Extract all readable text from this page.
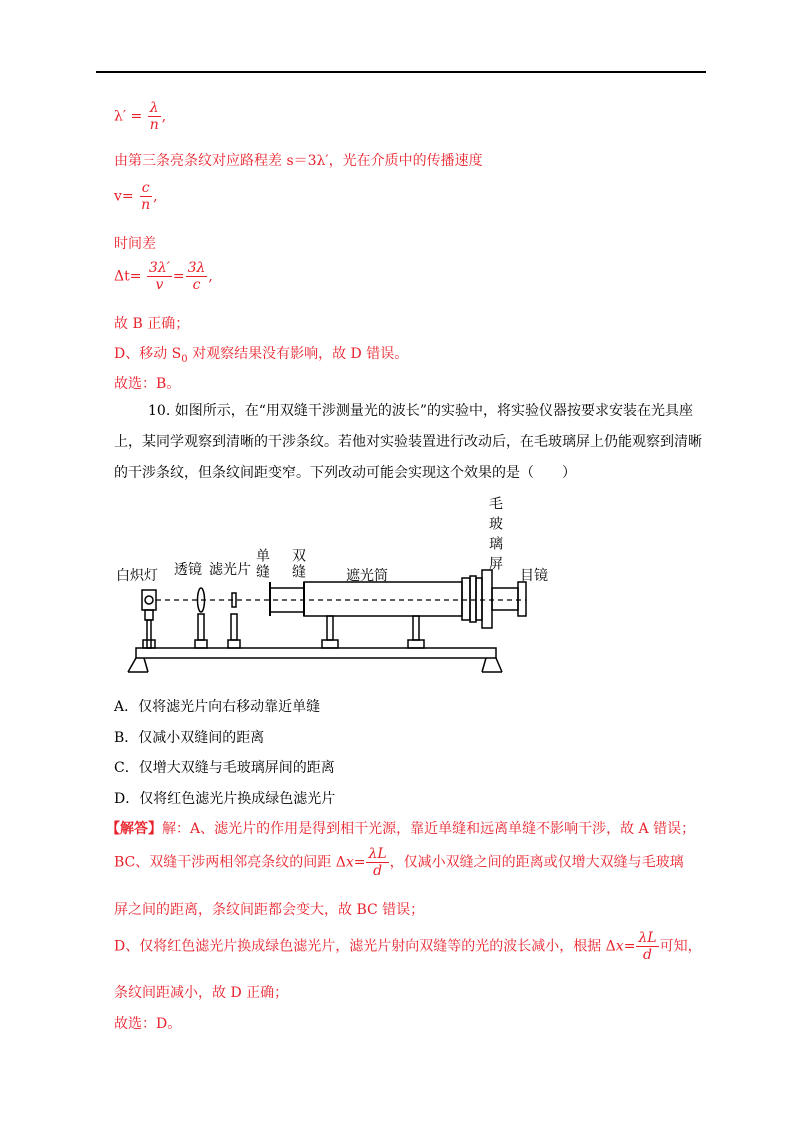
$\lambda' = \frac{\lambda}{n}$ ,
由第三条亮条纹对应路程差 s＝3λ′，光在介质中的传播速度
$v= \frac{c}{n}$ ,
时间差
$\Delta t= \frac{3\lambda'}{v} = \frac{3\lambda}{c}$ ,
故 B 正确；
D、移动 $S_0$ 对观察结果没有影响，故 D 错误。
故选：B。
10. 如图所示，在“用双缝干涉测量光的波长”的实验中，将实验仪器按要求安装在光具座上，某同学观察到清晰的干涉条纹。若他对实验装置进行改动后，在毛玻璃屏上仍能观察到清晰的干涉条纹，但条纹间距变窄。下列改动可能会实现这个效果的是（　　）
白炽灯 透镜 滤光片	遮光筒	目镜
单缝 双缝	毛玻璃屏
A．仅将滤光片向右移动靠近单缝
B．仅减小双缝间的距离
C．仅增大双缝与毛玻璃屏间的距离
D．仅将红色滤光片换成绿色滤光片
【解答】解：A、滤光片的作用是得到相干光源，靠近单缝和远离单缝不影响干涉，故 A 错误；
BC、双缝干涉两相邻亮条纹的间距 $\Delta x= \frac{\lambda L}{d}$ ，仅减小双缝之间的距离或仅增大双缝与毛玻璃
屏之间的距离，条纹间距都会变大，故 BC 错误；
D、仅将红色滤光片换成绿色滤光片，滤光片射向双缝等的光的波长减小，根据 $\Delta x= \frac{\lambda L}{d}$ 可知，
条纹间距减小，故 D 正确；
故选：D。
